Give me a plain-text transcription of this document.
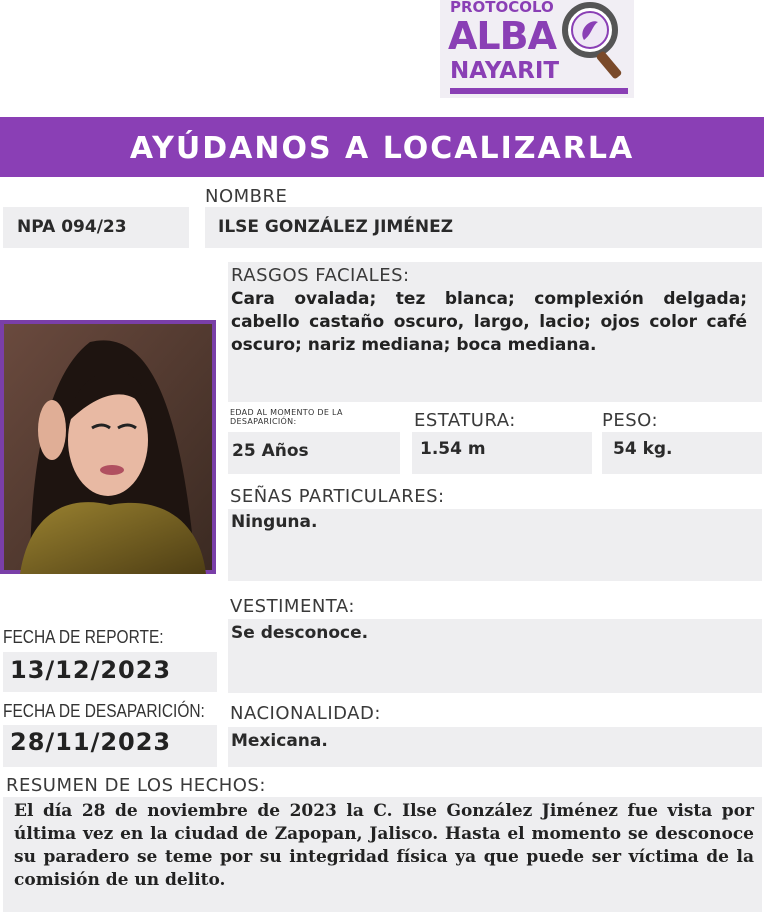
PROTOCOLO
ALBA
NAYARIT
AYÚDANOS A LOCALIZARLA
NOMBRE
NPA 094/23	ILSE GONZÁLEZ JIMÉNEZ
RASGOS FACIALES:
Cara ovalada; tez blanca; complexión delgada; cabello castaño oscuro, largo, lacio; ojos color café oscuro; nariz mediana; boca mediana.
EDAD AL MOMENTO DE LA DESAPARICIÓN:	ESTATURA:	PESO:
25 Años	1.54 m	54 kg.
SEÑAS PARTICULARES:
Ninguna.
VESTIMENTA:
Se desconoce.
FECHA DE REPORTE:
13/12/2023
FECHA DE DESAPARICIÓN:
28/11/2023
NACIONALIDAD:
Mexicana.
RESUMEN DE LOS HECHOS:
El día 28 de noviembre de 2023 la C. Ilse González Jiménez fue vista por última vez en la ciudad de Zapopan, Jalisco. Hasta el momento se desconoce su paradero se teme por su integridad física ya que puede ser víctima de la comisión de un delito.
